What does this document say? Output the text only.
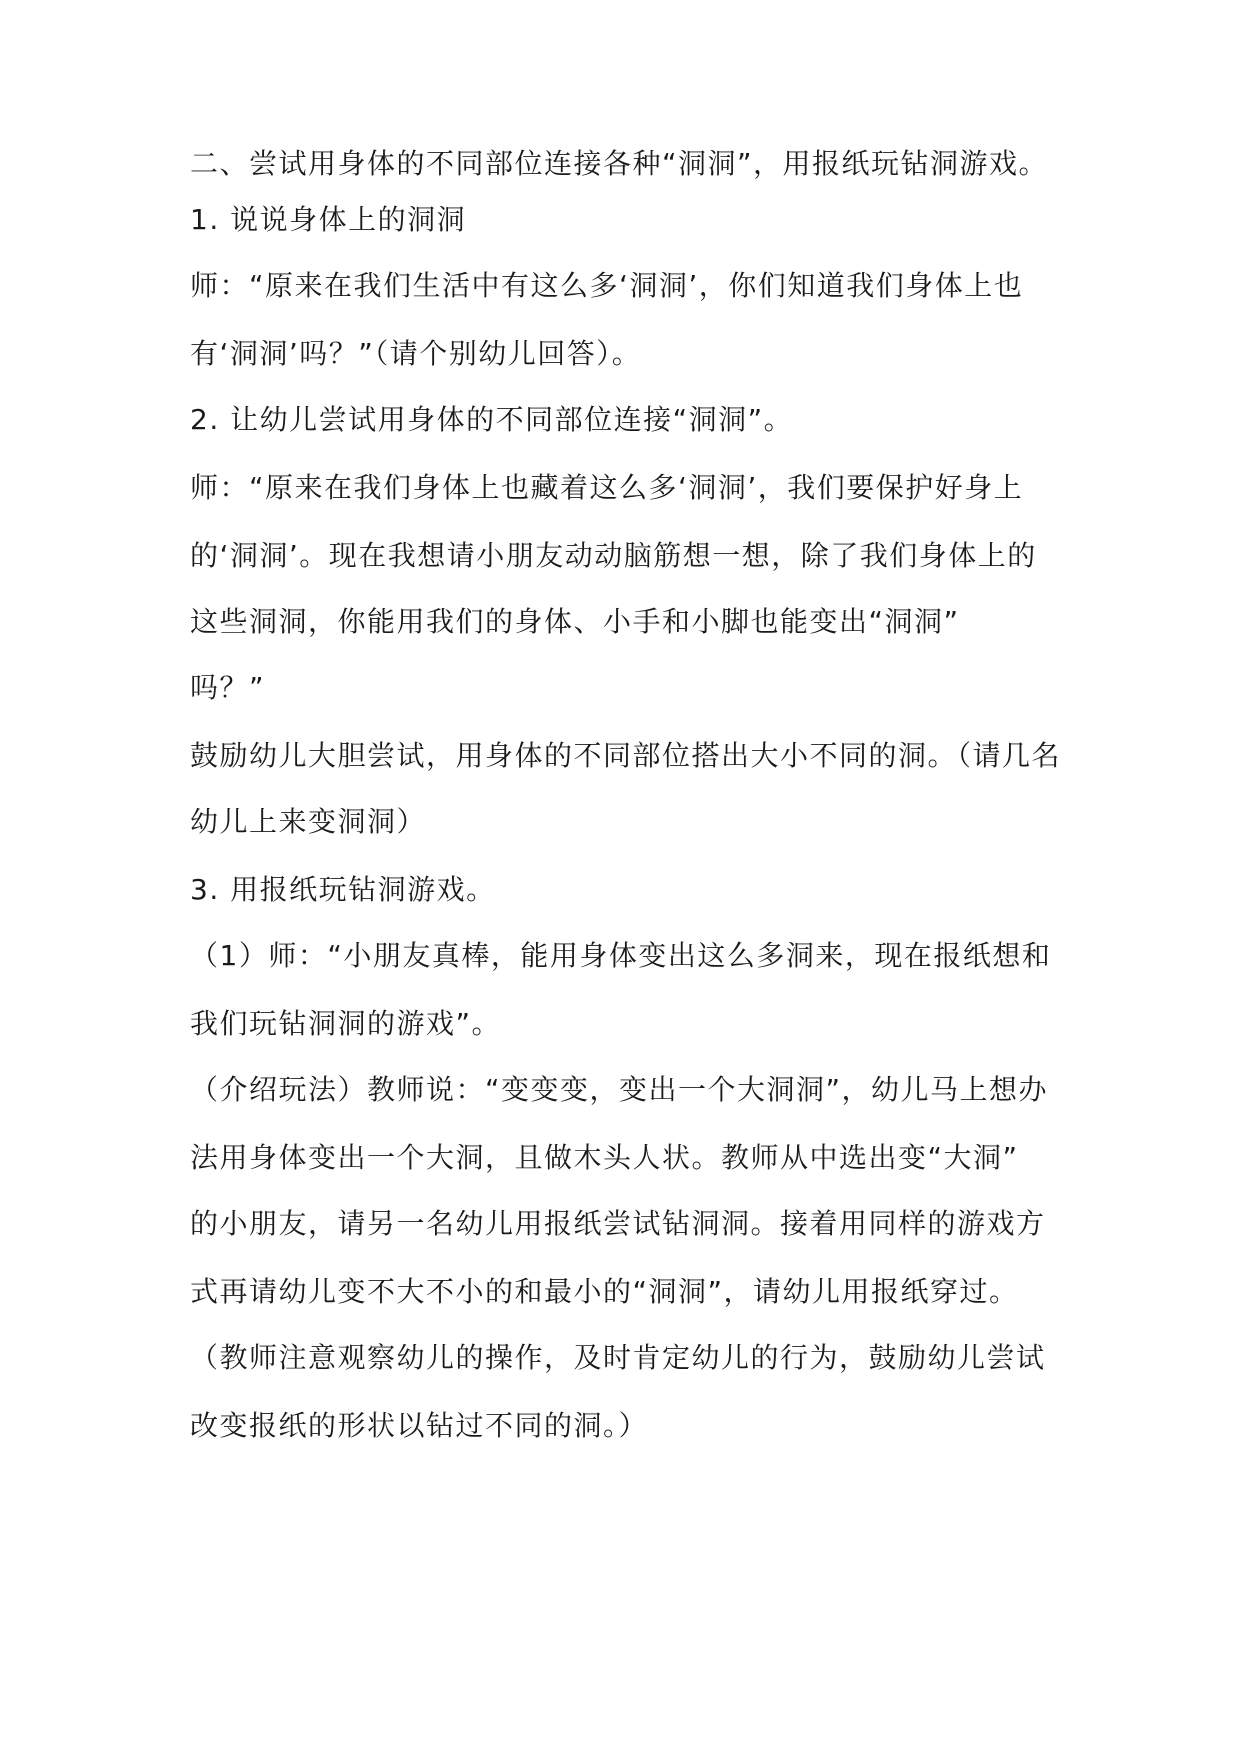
二、尝试用身体的不同部位连接各种“洞洞”，用报纸玩钻洞游戏。
1. 说说身体上的洞洞
师：“原来在我们生活中有这么多‘洞洞’，你们知道我们身体上也
有‘洞洞’吗？”（请个别幼儿回答）。
2. 让幼儿尝试用身体的不同部位连接“洞洞”。
师：“原来在我们身体上也藏着这么多‘洞洞’，我们要保护好身上
的‘洞洞’。现在我想请小朋友动动脑筋想一想，除了我们身体上的
这些洞洞，你能用我们的身体、小手和小脚也能变出“洞洞”
吗？”
鼓励幼儿大胆尝试，用身体的不同部位搭出大小不同的洞。（请几名
幼儿上来变洞洞）
3. 用报纸玩钻洞游戏。
（1）师：“小朋友真棒，能用身体变出这么多洞来，现在报纸想和
我们玩钻洞洞的游戏”。
（介绍玩法）教师说：“变变变，变出一个大洞洞”，幼儿马上想办
法用身体变出一个大洞，且做木头人状。教师从中选出变“大洞”
的小朋友，请另一名幼儿用报纸尝试钻洞洞。接着用同样的游戏方
式再请幼儿变不大不小的和最小的“洞洞”，请幼儿用报纸穿过。
（教师注意观察幼儿的操作，及时肯定幼儿的行为，鼓励幼儿尝试
改变报纸的形状以钻过不同的洞。）
